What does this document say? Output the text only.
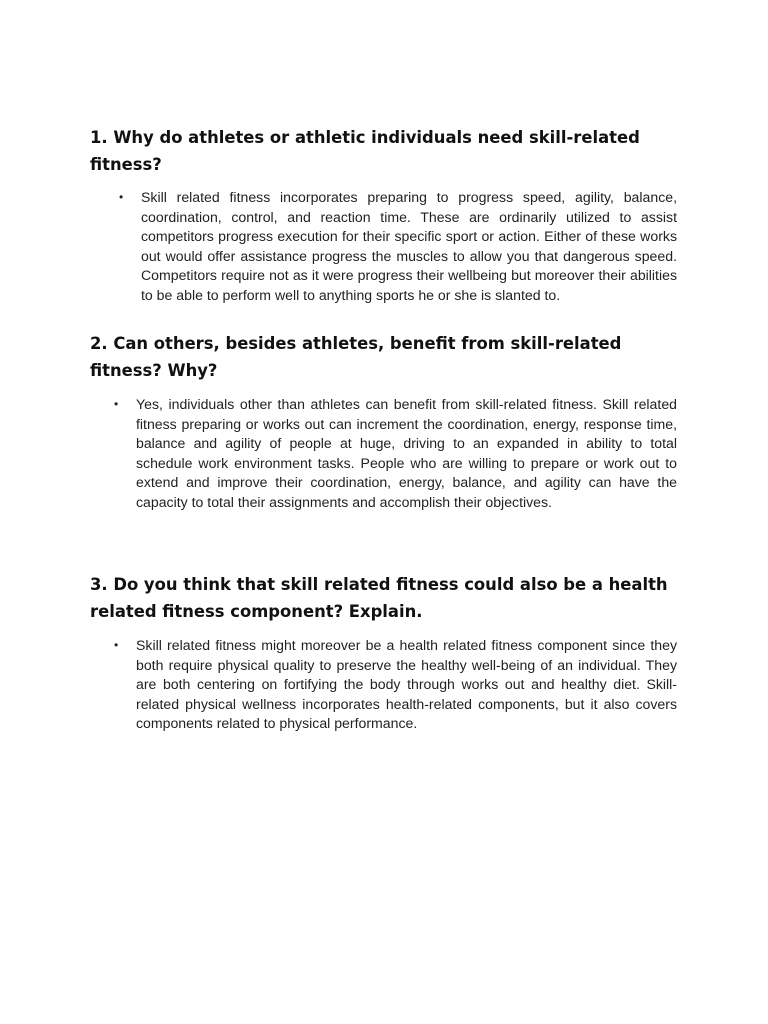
1. Why do athletes or athletic individuals need skill-related fitness?
• Skill related fitness incorporates preparing to progress speed, agility, balance, coordination, control, and reaction time. These are ordinarily utilized to assist competitors progress execution for their specific sport or action. Either of these works out would offer assistance progress the muscles to allow you that dangerous speed. Competitors require not as it were progress their wellbeing but moreover their abilities to be able to perform well to anything sports he or she is slanted to.
2. Can others, besides athletes, benefit from skill-related fitness? Why?
• Yes, individuals other than athletes can benefit from skill-related fitness. Skill related fitness preparing or works out can increment the coordination, energy, response time, balance and agility of people at huge, driving to an expanded in ability to total schedule work environment tasks. People who are willing to prepare or work out to extend and improve their coordination, energy, balance, and agility can have the capacity to total their assignments and accomplish their objectives.
3. Do you think that skill related fitness could also be a health related fitness component? Explain.
• Skill related fitness might moreover be a health related fitness component since they both require physical quality to preserve the healthy well-being of an individual. They are both centering on fortifying the body through works out and healthy diet. Skill-related physical wellness incorporates health-related components, but it also covers components related to physical performance.
